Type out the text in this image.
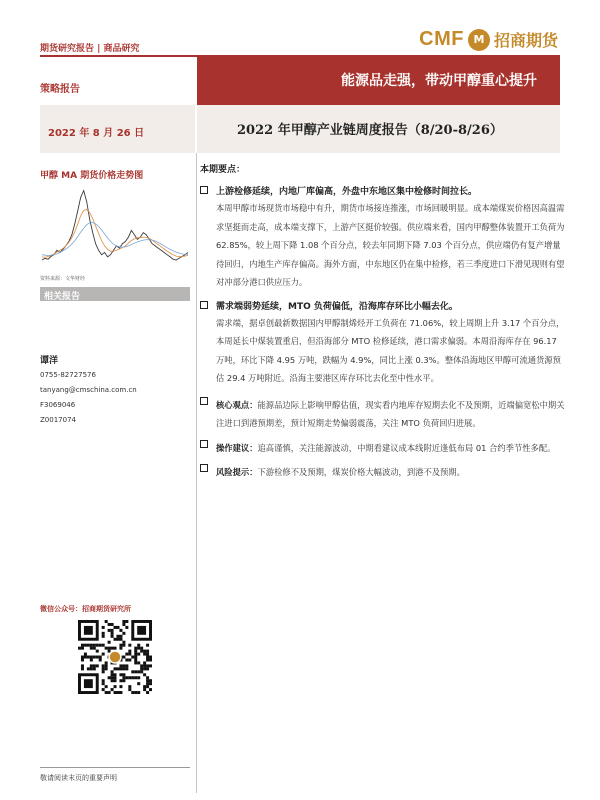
期货研究报告 | 商品研究	CMF M 招商期货
策略报告
2022 年 8 月 26 日
甲醇 MA 期货价格走势图
资料来源：文华财经
相关报告
谭洋
0755-82727576
tanyang@cmschina.com.cn
F3069046
Z0017074
微信公众号：招商期货研究所
敬请阅读末页的重要声明
能源品走强，带动甲醇重心提升
2022 年甲醇产业链周度报告（8/20-8/26）
本期要点：
上游检修延续，内地厂库偏高，外盘中东地区集中检修时间拉长。
本周甲醇市场现货市场稳中有升，期货市场接连推涨，市场回暖明显。成本端煤炭价格因高温需求坚挺而走高，成本端支撑下，上游产区挺价较强。供应端来看，国内甲醇整体装置开工负荷为 62.85%，较上周下降 1.08 个百分点，较去年同期下降 7.03 个百分点，供应端仍有复产增量待回归，内地生产库存偏高。海外方面，中东地区仍在集中检修，若三季度进口下滑见现则有望对冲部分港口供应压力。
需求端弱势延续，MTO 负荷偏低，沿海库存环比小幅去化。
需求端，据卓创最新数据国内甲醇制烯烃开工负荷在 71.06%，较上周期上升 3.17 个百分点，本周延长中煤装置重启，但沿海部分 MTO 检修延续，港口需求偏弱。本周沿海库存在 96.17 万吨，环比下降 4.95 万吨，跌幅为 4.9%，同比上涨 0.3%。整体沿海地区甲醇可流通货源预估 29.4 万吨附近。沿海主要港区库存环比去化至中性水平。
核心观点：能源品边际上影响甲醇估值，现实看内地库存短期去化不及预期，近端偏宽松中期关注进口到港预期差，预计短期走势偏弱震荡，关注 MTO 负荷回归进展。
操作建议：追高谨慎，关注能源波动，中期看建议成本线附近逢低布局 01 合约季节性多配。
风险提示：下游检修不及预期，煤炭价格大幅波动，到港不及预期。
